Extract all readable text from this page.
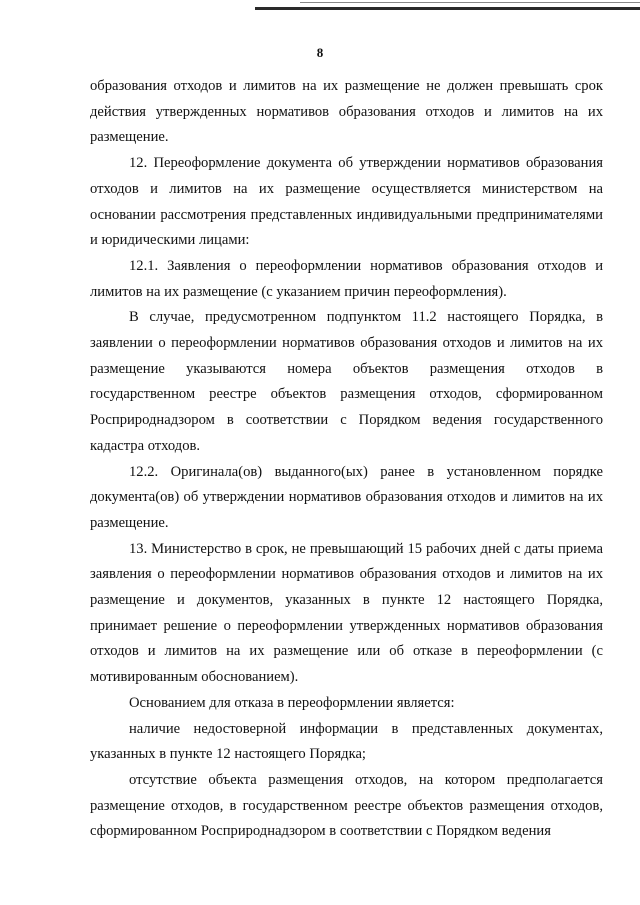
8

образования отходов и лимитов на их размещение не должен превышать срок действия утвержденных нормативов образования отходов и лимитов на их размещение.

12. Переоформление документа об утверждении нормативов образования отходов и лимитов на их размещение осуществляется министерством на основании рассмотрения представленных индивидуальными предпринимателями и юридическими лицами:

12.1. Заявления о переоформлении нормативов образования отходов и лимитов на их размещение (с указанием причин переоформления).

В случае, предусмотренном подпунктом 11.2 настоящего Порядка, в заявлении о переоформлении нормативов образования отходов и лимитов на их размещение указываются номера объектов размещения отходов в государственном реестре объектов размещения отходов, сформированном Росприроднадзором в соответствии с Порядком ведения государственного кадастра отходов.

12.2. Оригинала(ов) выданного(ых) ранее в установленном порядке документа(ов) об утверждении нормативов образования отходов и лимитов на их размещение.

13. Министерство в срок, не превышающий 15 рабочих дней с даты приема заявления о переоформлении нормативов образования отходов и лимитов на их размещение и документов, указанных в пункте 12 настоящего Порядка, принимает решение о переоформлении утвержденных нормативов образования отходов и лимитов на их размещение или об отказе в переоформлении (с мотивированным обоснованием).

Основанием для отказа в переоформлении является:

наличие недостоверной информации в представленных документах, указанных в пункте 12 настоящего Порядка;

отсутствие объекта размещения отходов, на котором предполагается размещение отходов, в государственном реестре объектов размещения отходов, сформированном Росприроднадзором в соответствии с Порядком ведения
